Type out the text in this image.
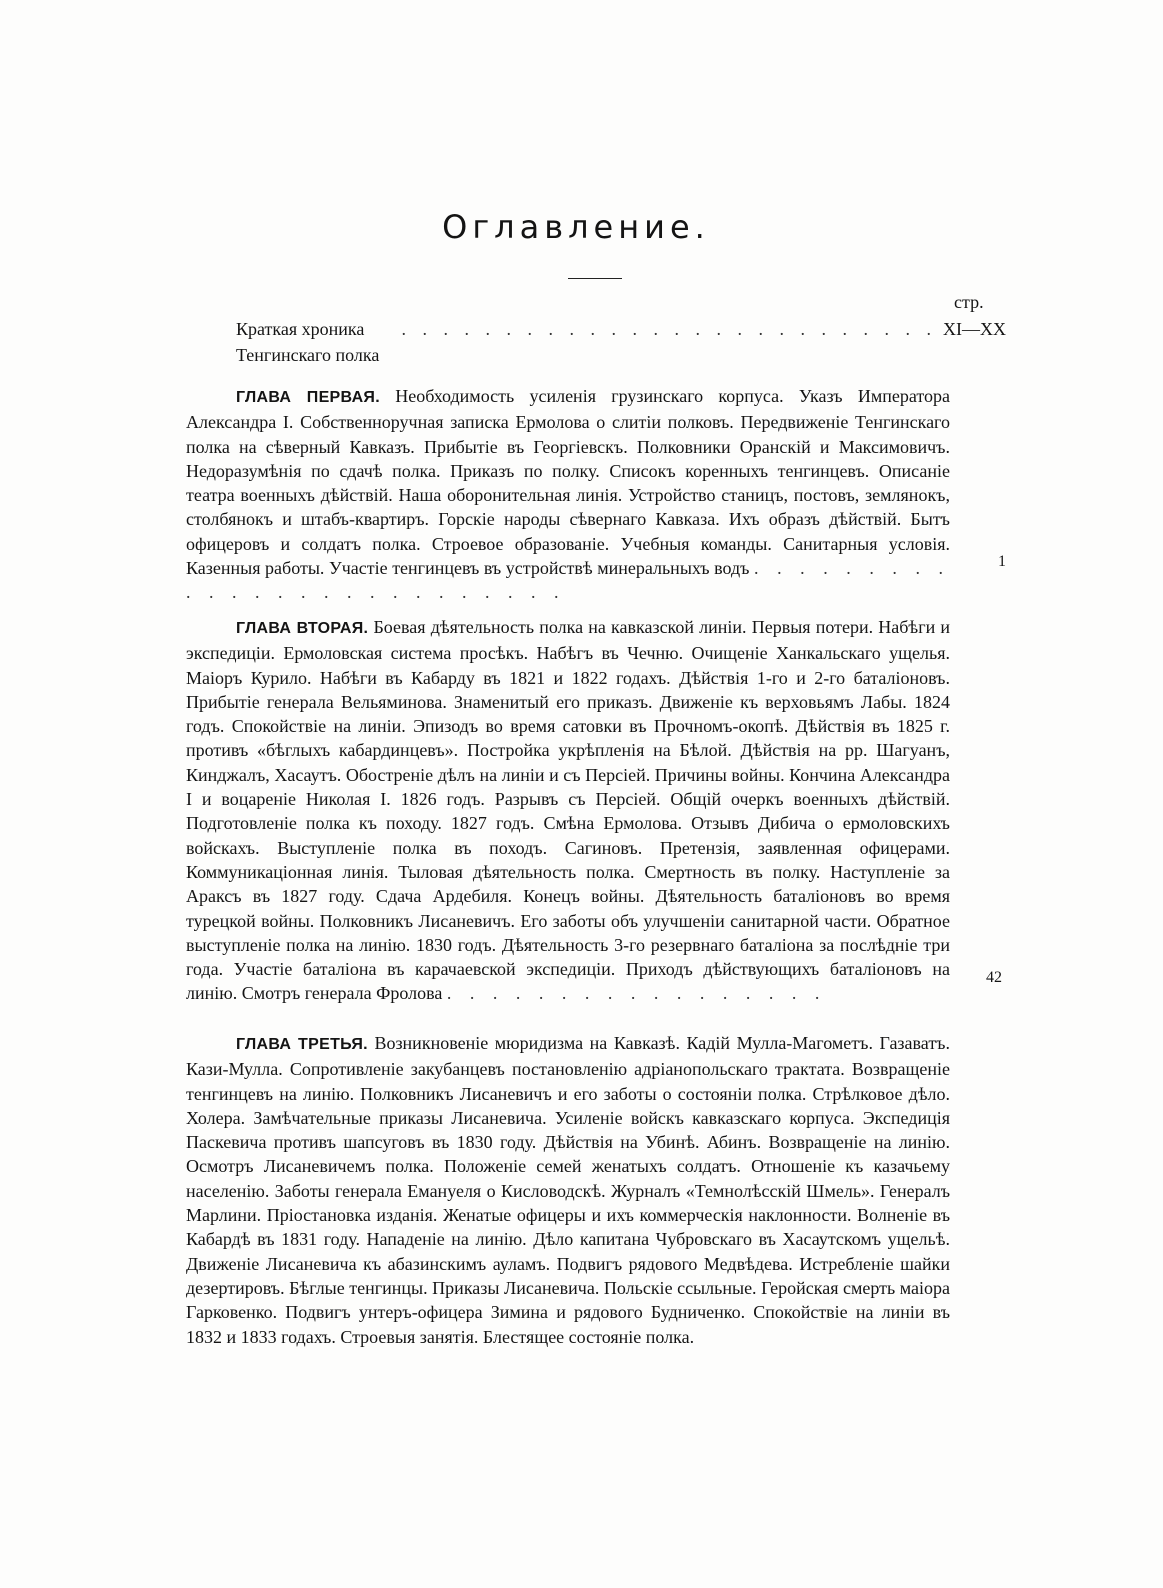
Оглавление.
стр.
Краткая хроника Тенгинскаго полка
. . . . . . . . . . . . . . . . . . . . . . . . . . XI—XX

ГЛАВА ПЕРВАЯ. Необходимость усиленія грузинскаго корпуса. Указъ Императора Александра I. Собственноручная записка Ермолова о слитіи полковъ. Передвиженіе Тенгинскаго полка на сѣверный Кавказъ. Прибытіе въ Георгіевскъ. Полковники Оранскій и Максимовичъ. Недоразумѣнія по сдачѣ полка. Приказъ по полку. Списокъ коренныхъ тенгинцевъ. Описаніе театра военныхъ дѣйствій. Наша оборонительная линія. Устройство станицъ, постовъ, землянокъ, столбянокъ и штабъ-квартиръ. Горскіе народы сѣвернаго Кавказа. Ихъ образъ дѣйствій. Бытъ офицеровъ и солдатъ полка. Строевое образованіе. Учебныя команды. Санитарныя условія. Казенныя работы. Участіе тенгинцевъ въ устройствѣ минеральныхъ водъ . . . . . . . . . . . . . . . . . . . . . . . . . .

1

ГЛАВА ВТОРАЯ. Боевая дѣятельность полка на кавказской линіи. Первыя потери. Набѣги и экспедиціи. Ермоловская система просѣкъ. Набѣгъ въ Чечню. Очищеніе Ханкальскаго ущелья. Маіоръ Курило. Набѣги въ Кабарду въ 1821 и 1822 годахъ. Дѣйствія 1-го и 2-го баталіоновъ. Прибытіе генерала Вельяминова. Знаменитый его приказъ. Движеніе къ верховьямъ Лабы. 1824 годъ. Спокойствіе на линіи. Эпизодъ во время сатовки въ Прочномъ-окопѣ. Дѣйствія въ 1825 г. противъ «бѣглыхъ кабардинцевъ». Постройка укрѣпленія на Бѣлой. Дѣйствія на рр. Шагуанъ, Кинджалъ, Хасаутъ. Обостреніе дѣлъ на линіи и съ Персіей. Причины войны. Кончина Александра I и воцареніе Николая I. 1826 годъ. Разрывъ съ Персіей. Общій очеркъ военныхъ дѣйствій. Подготовленіе полка къ походу. 1827 годъ. Смѣна Ермолова. Отзывъ Дибича о ермоловскихъ войскахъ. Выступленіе полка въ походъ. Сагиновъ. Претензія, заявленная офицерами. Коммуникаціонная линія. Тыловая дѣятельность полка. Смертность въ полку. Наступленіе за Араксъ въ 1827 году. Сдача Ардебиля. Конецъ войны. Дѣятельность баталіоновъ во время турецкой войны. Полковникъ Лисаневичъ. Его заботы объ улучшеніи санитарной части. Обратное выступленіе полка на линію. 1830 годъ. Дѣятельность 3-го резервнаго баталіона за послѣдніе три года. Участіе баталіона въ карачаевской экспедиціи. Приходъ дѣйствующихъ баталіоновъ на линію. Смотръ генерала Фролова . . . . . . . . . . . . . . . . .

42

ГЛАВА ТРЕТЬЯ. Возникновеніе мюридизма на Кавказѣ. Кадій Мулла-Магометъ. Газаватъ. Кази-Мулла. Сопротивленіе закубанцевъ постановленію адріанопольскаго трактата. Возвращеніе тенгинцевъ на линію. Полковникъ Лисаневичъ и его заботы о состояніи полка. Стрѣлковое дѣло. Холера. Замѣчательные приказы Лисаневича. Усиленіе войскъ кавказскаго корпуса. Экспедиція Паскевича противъ шапсуговъ въ 1830 году. Дѣйствія на Убинѣ. Абинъ. Возвращеніе на линію. Осмотръ Лисаневичемъ полка. Положеніе семей женатыхъ солдатъ. Отношеніе къ казачьему населенію. Заботы генерала Емануеля о Кисловодскѣ. Журналъ «Темнолѣсскій Шмель». Генералъ Марлини. Пріостановка изданія. Женатые офицеры и ихъ коммерческія наклонности. Волненіе въ Кабардѣ въ 1831 году. Нападеніе на линію. Дѣло капитана Чубровскаго въ Хасаутскомъ ущельѣ. Движеніе Лисаневича къ абазинскимъ ауламъ. Подвигъ рядового Медвѣдева. Истребленіе шайки дезертировъ. Бѣглые тенгинцы. Приказы Лисаневича. Польскіе ссыльные. Геройская смерть маіора Гарковенко. Подвигъ унтеръ-офицера Зимина и рядового Будниченко. Спокойствіе на линіи въ 1832 и 1833 годахъ. Строевыя занятія. Блестящее состояніе полка.
